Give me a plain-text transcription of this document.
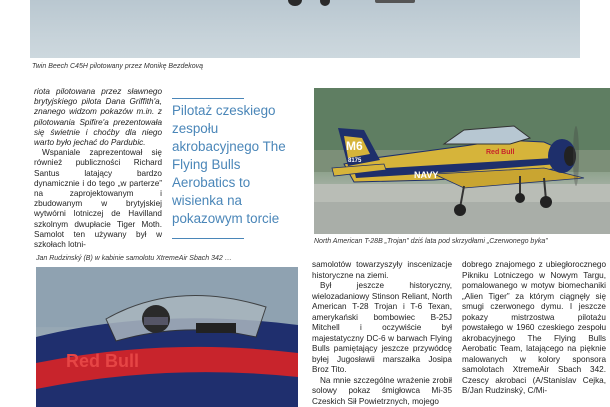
Twin Beech C45H pilotowany przez Monikę Bezdekovą

riota pilotowana przez sławnego brytyjskiego pilota Dana Griffith'a, znanego widzom pokazów m.in. z pilotowania Spifire'a prezentowała się świetnie i choćby dla niego warto było jechać do Pardubic.

Wspaniale zaprezentował się również publiczności Richard Santus latający bardzo dynamicznie i do tego „w parterze” na zaprojektowanym i zbudowanym w brytyjskiej wytwórni lotniczej de Havilland szkolnym dwupłacie Tiger Moth. Samolot ten używany był w szkołach lotni-

Pilotaż czeskiego zespołu akrobacyjnego The Flying Bulls Aerobatics to wisienka na pokazowym torcie
M6
8175
NAVY
Red Bull
North American T-28B „Trojan” dziś lata pod skrzydłami „Czerwonego byka”
Jan Rudzinský (B) w kabinie samolotu XtremeAir Sbach 342 …
Red Bull

samolotów towarzyszyły inscenizacje historyczne na ziemi.

Był jeszcze historyczny, wielozadaniowy Stinson Reliant, North American T-28 Trojan i T-6 Texan, amerykański bombowiec B-25J Mitchell i oczywiście był majestatyczny DC-6 w barwach Flying Bulls pamiętający jeszcze przywódcę byłej Jugosławii marszałka Josipa Broz Tito.

Na mnie szczególne wrażenie zrobił solowy pokaz śmigłowca Mi-35 Czeskich Sił Powietrznych, mojego

dobrego znajomego z ubiegłorocznego Pikniku Lotniczego w Nowym Targu, pomalowanego w motyw biomechaniki „Alien Tiger” za którym ciągnęły się smugi czerwonego dymu. I jeszcze pokazy mistrzostwa pilotażu powstałego w 1960 czeskiego zespołu akrobacyjnego The Flying Bulls Aerobatic Team, latającego na pięknie malowanych w kolory sponsora samolotach XtremeAir Sbach 342. Czescy akrobaci (A/Stanislav Cejka, B/Jan Rudzinský, C/Mi-
